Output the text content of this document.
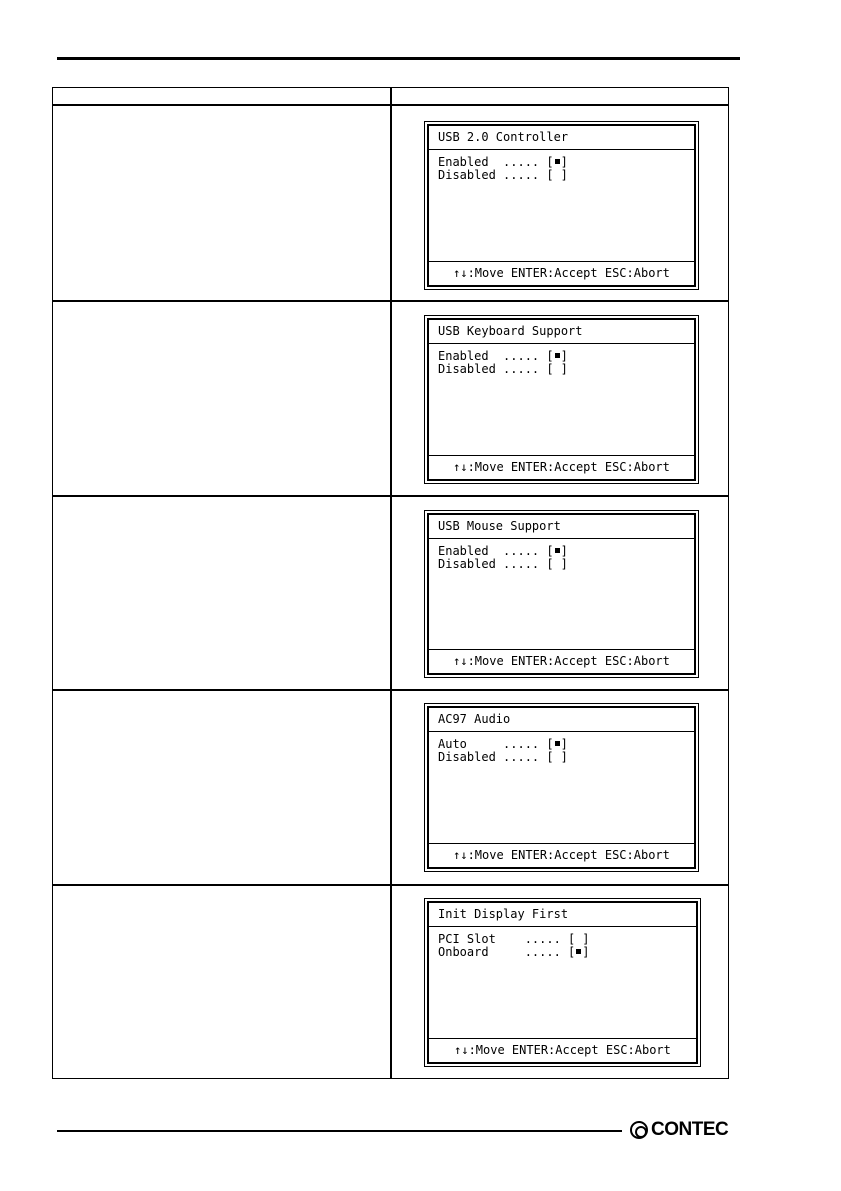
USB 2.0 Controller
Enabled  ..... [ ]
Disabled ..... [ ]
↑↓:Move ENTER:Accept ESC:Abort
USB Keyboard Support
Enabled  ..... [ ]
Disabled ..... [ ]
↑↓:Move ENTER:Accept ESC:Abort
USB Mouse Support
Enabled  ..... [ ]
Disabled ..... [ ]
↑↓:Move ENTER:Accept ESC:Abort
AC97 Audio
Auto     ..... [ ]
Disabled ..... [ ]
↑↓:Move ENTER:Accept ESC:Abort
Init Display First
PCI Slot    ..... [ ]
Onboard     ..... [ ]
↑↓:Move ENTER:Accept ESC:Abort
CONTEC
